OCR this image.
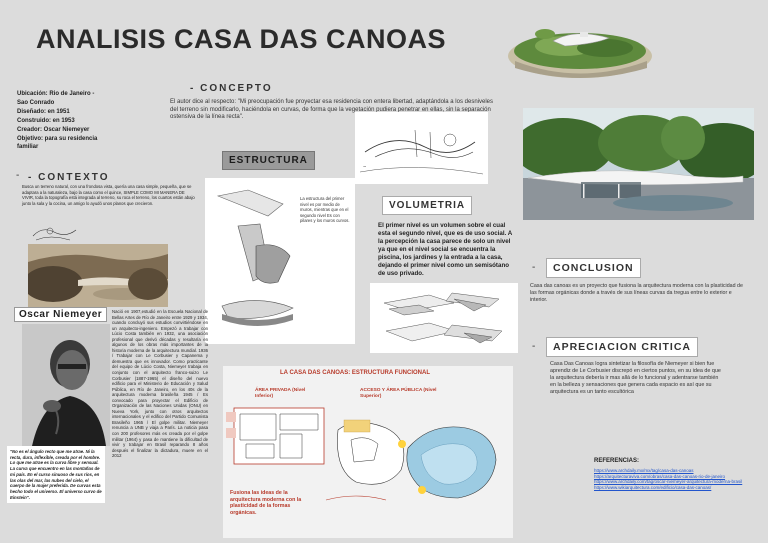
ANALISIS CASA DAS CANOAS
Ubicación: Rio de Janeiro - Sao Conrado
Diseñado: en 1951
Construido: en 1953
Creador: Oscar Niemeyer
Objetivo: para su residencia familiar
- CONCEPTO
El autor dice al respecto: "Mi preocupación fue proyectar esa residencia con entera libertad, adaptándola a los desniveles del terreno sin modificarlo, haciéndola en curvas, de forma que la vegetación pudiera penetrar en ellas, sin la separación ostensiva de la línea recta".
~
- - CONTEXTO
Busca un terreno natural, con una frondosa vista, quería una casa simple, pequeña, que se adaptara a la naturaleza, bajo la casa como el quince, SIMPLE COMO MI MANERA DE VIVIR, toda la topografía está integrada al terreno, su roca el terreno, los cuartos están abajo junto la sala y la cocina, un amigo lo ayudó unos planos que crecieron.
ESTRUCTURA
La estructura del primer nivel es por medio de muros, mientras que en el segundo nivel Es con pilares y los muros curvos.
VOLUMETRIA
El primer nivel es un volumen sobre el cual esta el segundo nivel, que es de uso social. A la percepción la casa parece de solo un nivel ya que en el nivel social se encuentra la piscina, los jardines y la entrada a la casa, dejando el primer nivel como un semisótano de uso privado.
Oscar Niemeyer	Nació en 1907,estudió en la Escuela Nacional de Bellas Artes de Río de Janeiro entre 1929 y 1934, cuando concluyó sus estudios convirtiéndose en un arquitecto-ingeniero. Empezó a trabajar con Lúcio Costa también en 1932, una asociación profesional que derivó décadas y resultaría en algunos de los obras más importantes de la historia moderna de la arquitectura mundial. 1936 / Trabajar con Le Corbusier y Capanema y demuestra que es innovador. Como practicante del equipo de Lúcio Costa, Niemeyer trabaja en conjunto con el arquitecto franco-suizo Le Corbusier (1887-1965) el diseño del nuevo edificio para el Ministerio de Educación y Salud Pública, en Río de Janeiro, en los 40s de la arquitectura moderna brasileña 1945 / Es convocado para proyectar el Edificio de Organización de las Naciones Unidas (ONU) en Nueva York, junto con otros arquitectos internacionales y el edifico del Partido Comunista Brasileño 1965 / El golpe militar. Niemeyer renuncia a UNB y viaja a París. La noticia pasa con 200 profesores más es creada por el golpe militar (1964) y pasa de mantiene la dificultad de vivir y trabajar en Brasil reparando 8 años después el finalizar la dictadura, muere en el 2012
"No es el ángulo recto que me atrae. Ni la recta, dura, inflexible, creada por el hombre. Lo que me atrae es la curva libre y sensual. La curva que encuentro en las montañas de mi país. En el curso sinuoso de sus ríos, en las olas del mar, las nubes del cielo, el cuerpo de la mujer preferida. De curvas esta hecho todo el universo. El universo curvo de Einstein".
LA CASA DAS CANOAS: ESTRUCTURA FUNCIONAL
ÁREA PRIVADA (Nivel Inferior)
ACCESO Y ÁREA PÚBLICA (Nivel Superior)
Fusiona las ideas de la arquitectura moderna con la plasticidad de la formas orgánicas.
-	CONCLUSION
Casa das canoas es un proyecto que fusiona la arquitectura moderna con la plasticidad de las formas orgánicas donde a través de sus líneas curvas da tregua entre lo exterior e interior.
-	APRECIACION CRITICA
Casa Das Canoas logra sintetizar la filosofía de Niemeyer si bien fue aprendiz de Le Corbusier discrepó en ciertos puntos, en su idea de que la arquitectura debería ir mas allá de lo funcional y adentrarse también en la belleza y sensaciones que genera cada espacio es así que su arquitectura es un tanto escultórica
REFERENCIAS:
https://www.archdaily.mx/mx/tag/casa-das-canoas
https://arquitecturaviva.com/obras/casa-das-canoas-rio-de-janeiro
https://www.archdaily.com/tag/oscar-niemeyer-arquitectura-moderna-brasil
https://www.wikiarquitectura.com/edificio/casa-das-canoas/
